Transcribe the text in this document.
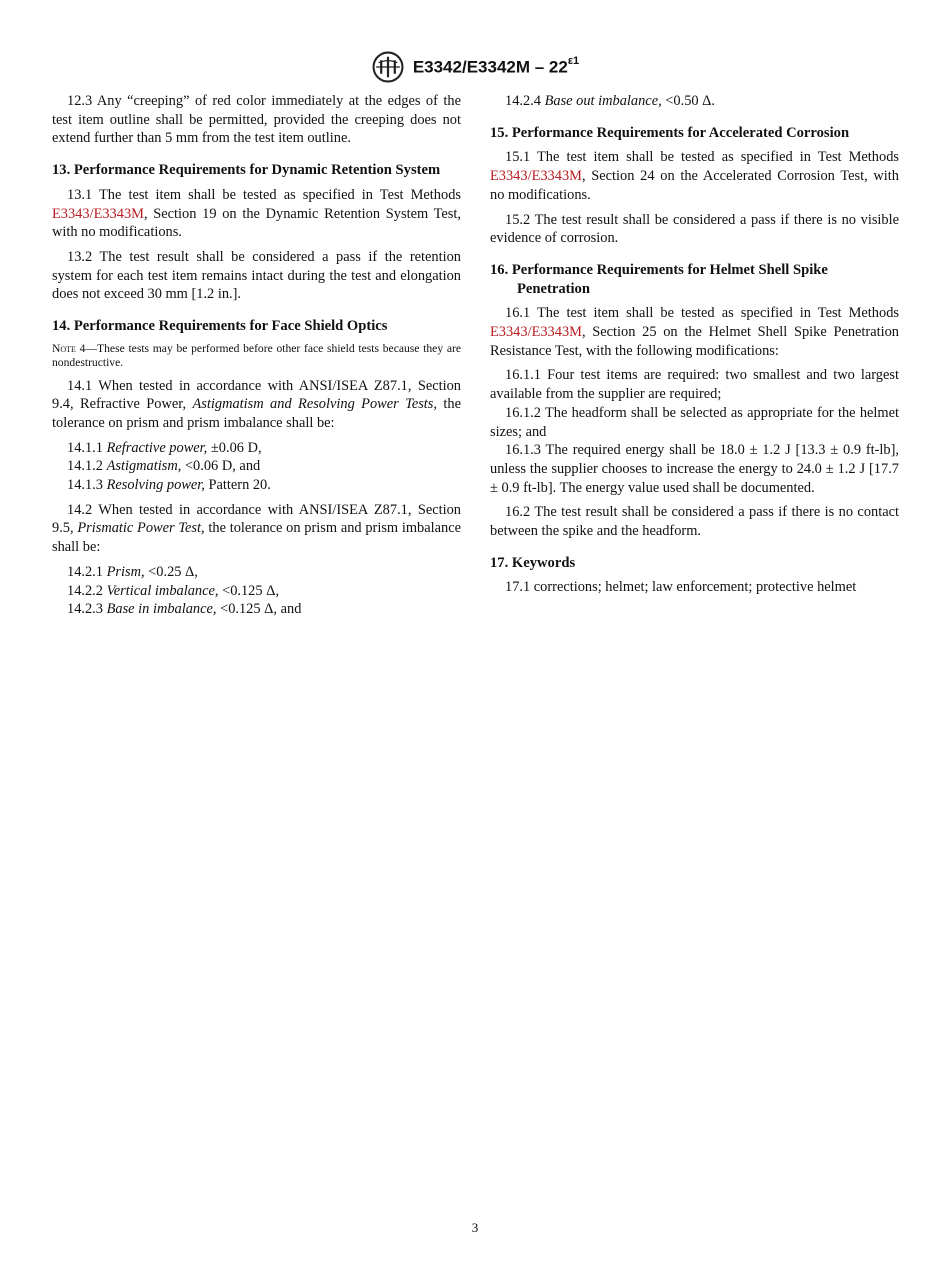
$E3342/E3342M - 22^{\varepsilon 1}$

12.3 Any “creeping” of red color immediately at the edges of the test item outline shall be permitted, provided the creeping does not extend further than 5 mm from the test item outline.

13. Performance Requirements for Dynamic Retention System

13.1 The test item shall be tested as specified in Test Methods E3343/E3343M, Section 19 on the Dynamic Retention System Test, with no modifications.

13.2 The test result shall be considered a pass if the retention system for each test item remains intact during the test and elongation does not exceed 30 mm [1.2 in.].

14. Performance Requirements for Face Shield Optics

Note 4—These tests may be performed before other face shield tests because they are nondestructive.

14.1 When tested in accordance with ANSI/ISEA Z87.1, Section 9.4, Refractive Power, Astigmatism and Resolving Power Tests, the tolerance on prism and prism imbalance shall be:

14.1.1 Refractive power, ±0.06 D,

14.1.2 Astigmatism, <0.06 D, and

14.1.3 Resolving power, Pattern 20.

14.2 When tested in accordance with ANSI/ISEA Z87.1, Section 9.5, Prismatic Power Test, the tolerance on prism and prism imbalance shall be:

14.2.1 Prism, <0.25 Δ,

14.2.2 Vertical imbalance, <0.125 Δ,

14.2.3 Base in imbalance, <0.125 Δ, and

14.2.4 Base out imbalance, <0.50 Δ.

15. Performance Requirements for Accelerated Corrosion

15.1 The test item shall be tested as specified in Test Methods E3343/E3343M, Section 24 on the Accelerated Corrosion Test, with no modifications.

15.2 The test result shall be considered a pass if there is no visible evidence of corrosion.

16. Performance Requirements for Helmet Shell Spike Penetration

16.1 The test item shall be tested as specified in Test Methods E3343/E3343M, Section 25 on the Helmet Shell Spike Penetration Resistance Test, with the following modifications:

16.1.1 Four test items are required: two smallest and two largest available from the supplier are required;

16.1.2 The headform shall be selected as appropriate for the helmet sizes; and

16.1.3 The required energy shall be 18.0 ± 1.2 J [13.3 ± 0.9 ft-lb], unless the supplier chooses to increase the energy to 24.0 ± 1.2 J [17.7 ± 0.9 ft-lb]. The energy value used shall be documented.

16.2 The test result shall be considered a pass if there is no contact between the spike and the headform.

17. Keywords

17.1 corrections; helmet; law enforcement; protective helmet

3
